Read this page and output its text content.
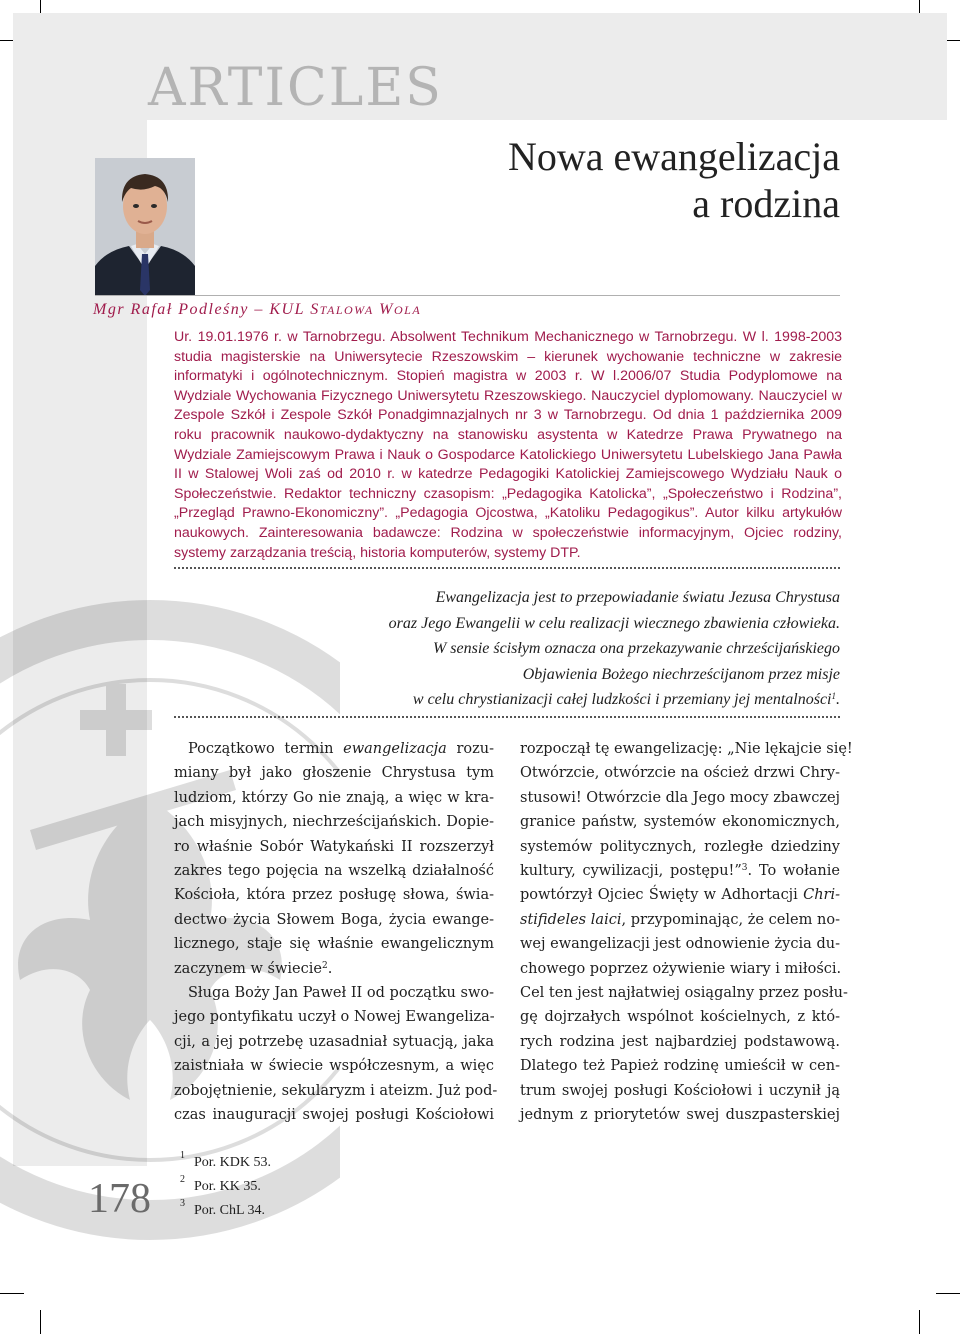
ARTICLES
Nowa ewangelizacja
a rodzina
Mgr Rafał Podleśny – KUL STALOWA WOLA
Ur. 19.01.1976 r. w Tarnobrzegu. Absolwent Technikum Mechanicznego w Tarnobrzegu. W l. 1998-2003 studia magisterskie na Uniwersytecie Rzeszowskim – kierunek wychowanie techniczne w zakresie informatyki i ogólnotechnicznym. Stopień magistra w 2003 r. W l.2006/07 Studia Podyplomowe na Wydziale Wychowania Fizycznego Uniwersytetu Rzeszowskiego. Nauczyciel dyplomowany. Nauczyciel w Zespole Szkół i Zespole Szkół Ponadgimnazjalnych nr 3 w Tarnobrzegu. Od dnia 1 października 2009 roku pracownik naukowo-dydaktyczny na stanowisku asystenta w Katedrze Prawa Prywatnego na Wydziale Zamiejscowym Prawa i Nauk o Gospodarce Katolickiego Uniwersytetu Lubelskiego Jana Pawła II w Stalowej Woli zaś od 2010 r. w katedrze Pedagogiki Katolickiej Zamiejscowego Wydziału Nauk o Społeczeństwie. Redaktor techniczny czasopism: „Pedagogika Katolicka”, „Społeczeństwo i Rodzina”, „Przegląd Prawno-Ekonomiczny”. „Pedagogia Ojcostwa, „Katoliku Pedagogikus”. Autor kilku artykułów naukowych. Zainteresowania badawcze: Rodzina w społeczeństwie informacyjnym, Ojciec rodziny, systemy zarządzania treścią, historia komputerów, systemy DTP.
Ewangelizacja jest to przepowiadanie światu Jezusa Chrystusa
oraz Jego Ewangelii w celu realizacji wiecznego zbawienia człowieka.
W sensie ścisłym oznacza ona przekazywanie chrześcijańskiego
Objawienia Bożego niechrześcijanom przez misje
w celu chrystianizacji całej ludzkości i przemiany jej mentalności$^1$.

Początkowo termin ewangelizacja rozu-
miany był jako głoszenie Chrystusa tym
ludziom, którzy Go nie znają, a więc w kra-
jach misyjnych, niechrześcijańskich. Dopie-
ro właśnie Sobór Watykański II rozszerzył
zakres tego pojęcia na wszelką działalność
Kościoła, która przez posługę słowa, świa-
dectwo życia Słowem Boga, życia ewange-
licznego, staje się właśnie ewangelicznym
zaczynem w świecie$^2$.

Sługa Boży Jan Paweł II od początku swo-
jego pontyfikatu uczył o Nowej Ewangeliza-
cji, a jej potrzebę uzasadniał sytuacją, jaka
zaistniała w świecie współczesnym, a więc
zobojętnienie, sekularyzm i ateizm. Już pod-
czas inauguracji swojej posługi Kościołowi

rozpoczął tę ewangelizację: „Nie lękajcie się!
Otwórzcie, otwórzcie na oścież drzwi Chry-
stusowi! Otwórzcie dla Jego mocy zbawczej
granice państw, systemów ekonomicznych,
systemów politycznych, rozległe dziedziny
kultury, cywilizacji, postępu!”$^3$. To wołanie
powtórzył Ojciec Święty w Adhortacji Chri-
stifideles laici, przypominając, że celem no-
wej ewangelizacji jest odnowienie życia du-
chowego poprzez ożywienie wiary i miłości.
Cel ten jest najłatwiej osiągalny przez posłu-
gę dojrzałych wspólnot kościelnych, z któ-
rych rodzina jest najbardziej podstawową.
Dlatego też Papież rodzinę umieścił w cen-
trum swojej posługi Kościołowi i uczynił ją
jednym z priorytetów swej duszpasterskiej

178
1 Por. KDK 53.
2 Por. KK 35.
3 Por. ChL 34.
